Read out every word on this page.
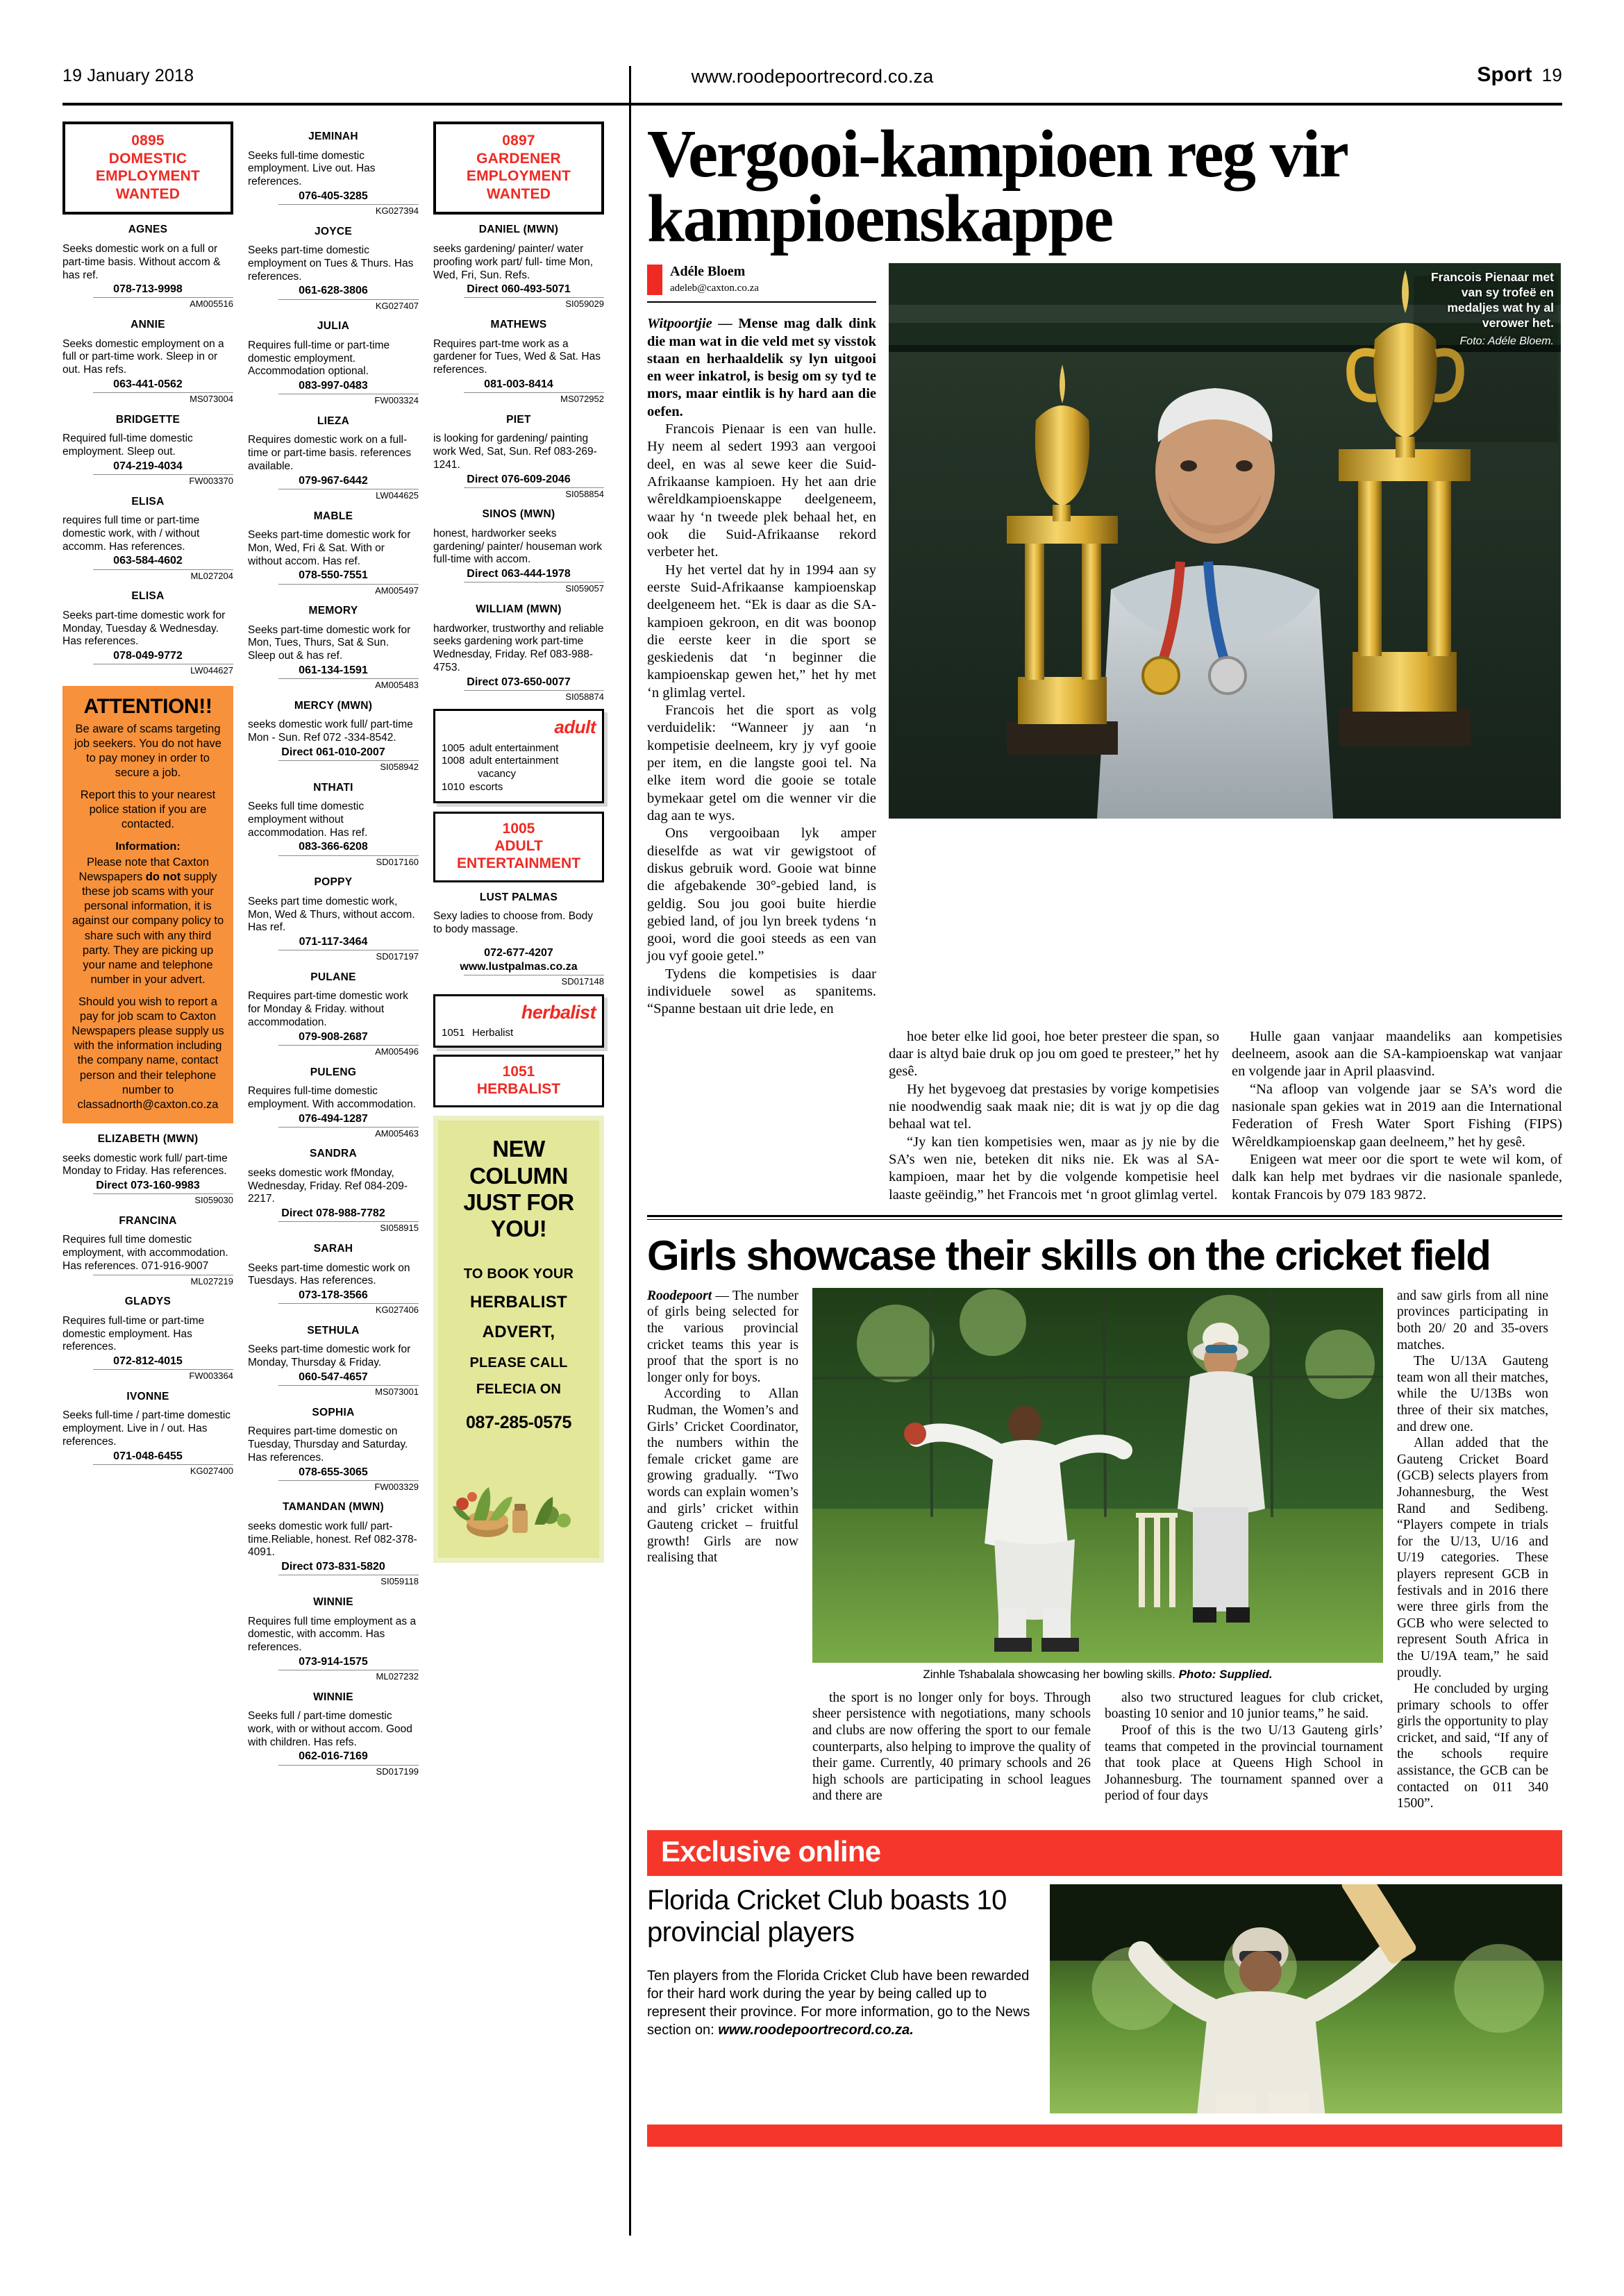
19 January 2018	www.roodepoortrecord.co.za	Sport 19
0895
DOMESTIC
EMPLOYMENT
WANTED
AGNES
Seeks domestic work on a full or part-time basis. Without accom & has ref.
078-713-9998
AM005516
ANNIE
Seeks domestic employment on a full or part-time work. Sleep in or out. Has refs.
063-441-0562
MS073004
BRIDGETTE
Required full-time domestic employment. Sleep out.
074-219-4034
FW003370
ELISA
requires full time or part-time domestic work, with / without accomm. Has references.
063-584-4602
ML027204
ELISA
Seeks part-time domestic work for Monday, Tuesday & Wednesday. Has references.
078-049-9772
LW044627
ATTENTION!!

Be aware of scams targeting job seekers. You do not have to pay money in order to secure a job.

Report this to your nearest police station if you are contacted.

Information:

Please note that Caxton Newspapers do not supply these job scams with your personal information, it is against our company policy to share such with any third party. They are picking up your name and telephone number in your advert.

Should you wish to report a pay for job scam to Caxton Newspapers please supply us with the information including the company name, contact person and their telephone number to classadnorth@caxton.co.za

ELIZABETH (MWN)
seeks domestic work full/ part-time Monday to Friday. Has references.
Direct 073-160-9983
SI059030
FRANCINA
Requires full time domestic employment, with accommodation. Has references. 071-916-9007
ML027219
GLADYS
Requires full-time or part-time domestic employment. Has references.
072-812-4015
FW003364
IVONNE
Seeks full-time / part-time domestic employment. Live in / out. Has references.
071-048-6455
KG027400
JEMINAH
Seeks full-time domestic employment. Live out. Has references.
076-405-3285
KG027394
JOYCE
Seeks part-time domestic employment on Tues & Thurs. Has references.
061-628-3806
KG027407
JULIA
Requires full-time or part-time domestic employment. Accommodation optional.
083-997-0483
FW003324
LIEZA
Requires domestic work on a full-time or part-time basis. references available.
079-967-6442
LW044625
MABLE
Seeks part-time domestic work for Mon, Wed, Fri & Sat. With or without accom. Has ref.
078-550-7551
AM005497
MEMORY
Seeks part-time domestic work for Mon, Tues, Thurs, Sat & Sun. Sleep out & has ref.
061-134-1591
AM005483
MERCY (MWN)
seeks domestic work full/ part-time Mon - Sun. Ref 072 -334-8542.
Direct 061-010-2007
SI058942
NTHATI
Seeks full time domestic employment without accommodation. Has ref.
083-366-6208
SD017160
POPPY
Seeks part time domestic work, Mon, Wed & Thurs, without accom. Has ref.
071-117-3464
SD017197
PULANE
Requires part-time domestic work for Monday & Friday. without accommodation.
079-908-2687
AM005496
PULENG
Requires full-time domestic employment. With accommodation.
076-494-1287
AM005463
SANDRA
seeks domestic work fMonday, Wednesday, Friday. Ref 084-209-2217.
Direct 078-988-7782
SI058915
SARAH
Seeks part-time domestic work on Tuesdays. Has references.
073-178-3566
KG027406
SETHULA
Seeks part-time domestic work for Monday, Thursday & Friday.
060-547-4657
MS073001
SOPHIA
Requires part-time domestic on Tuesday, Thursday and Saturday. Has references.
078-655-3065
FW003329
TAMANDAN (MWN)
seeks domestic work full/ part-time.Reliable, honest. Ref 082-378-4091.
Direct 073-831-5820
SI059118
WINNIE
Requires full time employment as a domestic, with accomm. Has references.
073-914-1575
ML027232
WINNIE
Seeks full / part-time domestic work, with or without accom. Good with children. Has refs.
062-016-7169
SD017199
0897
GARDENER
EMPLOYMENT
WANTED
DANIEL (MWN)
seeks gardening/ painter/ water proofing work part/ full- time Mon, Wed, Fri, Sun. Refs.
Direct 060-493-5071
SI059029
MATHEWS
Requires part-tme work as a gardener for Tues, Wed & Sat. Has references.
081-003-8414
MS072952
PIET
is looking for gardening/ painting work Wed, Sat, Sun. Ref 083-269-1241.
Direct 076-609-2046
SI058854
SINOS (MWN)
honest, hardworker seeks gardening/ painter/ houseman work full-time with accom.
Direct 063-444-1978
SI059057
WILLIAM (MWN)
hardworker, trustworthy and reliable seeks gardening work part-time Wednesday, Friday. Ref 083-988-4753.
Direct 073-650-0077
SI058874
adult
1005 adult entertainment
1008 adult entertainment
vacancy
1010 escorts
1005
ADULT
ENTERTAINMENT
LUST PALMAS
Sexy ladies to choose from. Body to body massage.
072-677-4207
www.lustpalmas.co.za
SD017148
herbalist
1051 Herbalist
1051
HERBALIST
NEW
COLUMN
JUST FOR
YOU!
TO BOOK YOUR
HERBALIST
ADVERT,
PLEASE CALL
FELECIA ON
087-285-0575
Vergooi-kampioen reg vir kampioenskappe
Adéle Bloem
adeleb@caxton.co.za

Witpoortjie — Mense mag dalk dink die man wat in die veld met sy visstok staan en herhaaldelik sy lyn uitgooi en weer inkatrol, is besig om sy tyd te mors, maar eintlik is hy hard aan die oefen.

Francois Pienaar is een van hulle. Hy neem al sedert 1993 aan vergooi deel, en was al sewe keer die Suid-Afrikaanse kampioen. Hy het aan drie wêreldkampioenskappe deelgeneem, waar hy ‘n tweede plek behaal het, en ook die Suid-Afrikaanse rekord verbeter het.

Hy het vertel dat hy in 1994 aan sy eerste Suid-Afrikaanse kampioenskap deelgeneem het. “Ek is daar as die SA-kampioen gekroon, en dit was boonop die eerste keer in die sport se geskiedenis dat ‘n beginner die kampioenskap gewen het,” het hy met ‘n glimlag vertel.

Francois het die sport as volg verduidelik: “Wanneer jy aan ‘n kompetisie deelneem, kry jy vyf gooie per item, en die langste gooi tel. Na elke item word die gooie se totale bymekaar getel om die wenner vir die dag aan te wys.

Ons vergooibaan lyk amper dieselfde as wat vir gewigstoot of diskus gebruik word. Gooie wat binne die afgebakende 30°-gebied land, is geldig. Sou jou gooi buite hierdie gebied land, of jou lyn breek tydens ‘n gooi, word die gooi steeds as een van jou vyf gooie getel.”

Tydens die kompetisies is daar individuele sowel as spanitems. “Spanne bestaan uit drie lede, en

Francois Pienaar met van sy trofeë en medaljes wat hy al verower het.
Foto: Adéle Bloem.

hoe beter elke lid gooi, hoe beter presteer die span, so daar is altyd baie druk op jou om goed te presteer,” het hy gesê.

Hy het bygevoeg dat prestasies by vorige kompetisies nie noodwendig saak maak nie; dit is wat jy op die dag behaal wat tel.

“Jy kan tien kompetisies wen, maar as jy nie by die SA’s wen nie, beteken dit niks nie. Ek was al SA-kampioen, maar het by die volgende kompetisie heel laaste geëindig,” het Francois met ‘n groot glimlag vertel.

Hulle gaan vanjaar maandeliks aan kompetisies deelneem, asook aan die SA-kampioenskap wat vanjaar en volgende jaar in April plaasvind.

“Na afloop van volgende jaar se SA’s word die nasionale span gekies wat in 2019 aan die International Federation of Fresh Water Sport Fishing (FIPS) Wêreldkampioenskap gaan deelneem,” het hy gesê.

Enigeen wat meer oor die sport te wete wil kom, of dalk kan help met bydraes vir die nasionale spanlede, kontak Francois by 079 183 9872.

Girls showcase their skills on the cricket field

Roodepoort — The number of girls being selected for the various provincial cricket teams this year is proof that the sport is no longer only for boys.

According to Allan Rudman, the Women’s and Girls’ Cricket Coordinator, the numbers within the female cricket game are growing gradually. “Two words can explain women’s and girls’ cricket within Gauteng cricket – fruitful growth! Girls are now realising that

Zinhle Tshabalala showcasing her bowling skills. Photo: Supplied.

the sport is no longer only for boys. Through sheer persistence with negotiations, many schools and clubs are now offering the sport to our female counterparts, also helping to improve the quality of their game. Currently, 40 primary schools and 26 high schools are participating in school leagues and there are

also two structured leagues for club cricket, boasting 10 senior and 10 junior teams,” he said.

Proof of this is the two U/13 Gauteng girls’ teams that competed in the provincial tournament that took place at Queens High School in Johannesburg. The tournament spanned over a period of four days

and saw girls from all nine provinces participating in both 20/ 20 and 35-overs matches.

The U/13A Gauteng team won all their matches, while the U/13Bs won three of their six matches, and drew one.

Allan added that the Gauteng Cricket Board (GCB) selects players from Johannesburg, the West Rand and Sedibeng. “Players compete in trials for the U/13, U/16 and U/19 categories. These players represent GCB in festivals and in 2016 there were three girls from the GCB who were selected to represent South Africa in the U/19A team,” he said proudly.

He concluded by urging primary schools to offer girls the opportunity to play cricket, and said, “If any of the schools require assistance, the GCB can be contacted on 011 340 1500”.

Exclusive online
Florida Cricket Club boasts 10 provincial players
Ten players from the Florida Cricket Club have been rewarded for their hard work during the year by being called up to represent their province. For more information, go to the News section on: www.roodepoortrecord.co.za.
